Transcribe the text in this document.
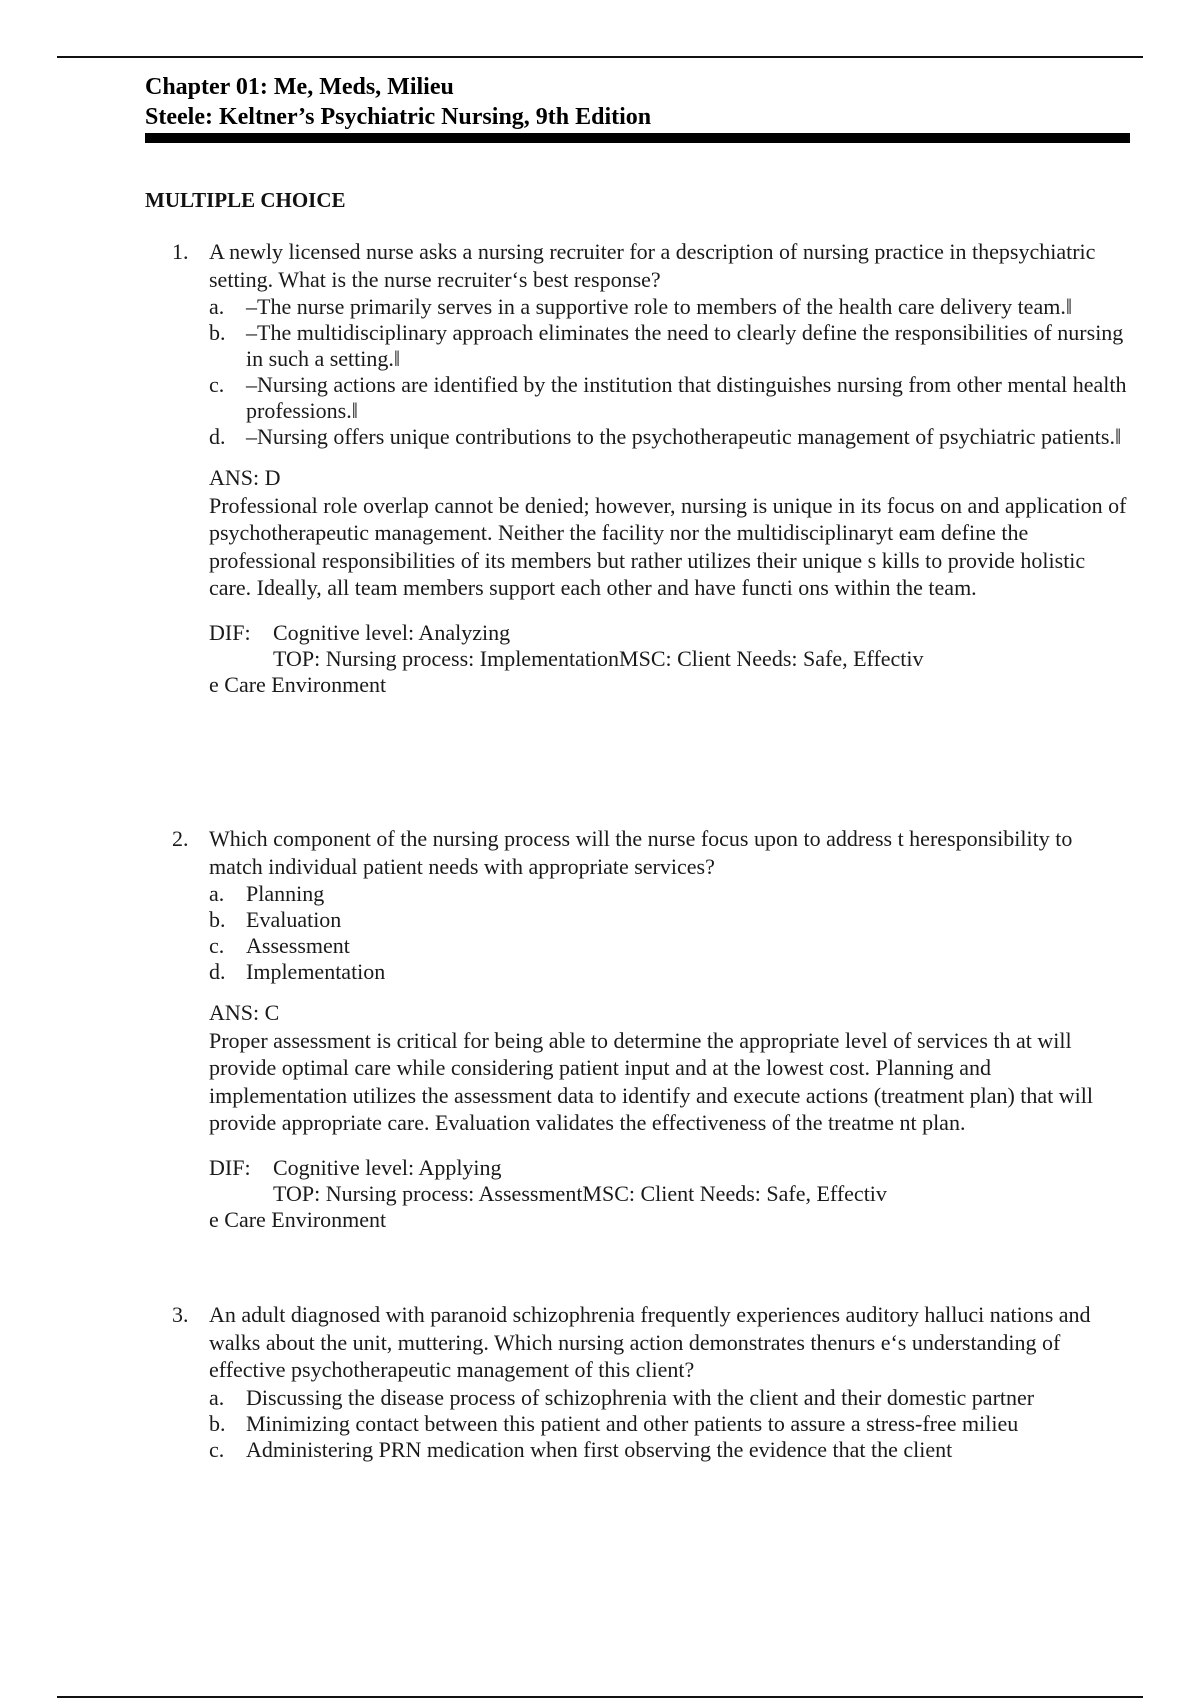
Chapter 01: Me, Meds, Milieu
Steele: Keltner’s Psychiatric Nursing, 9th Edition
MULTIPLE CHOICE
1. A newly licensed nurse asks a nursing recruiter for a description of nursing practice in thepsychiatric setting. What is the nurse recruiter‘s best response?
a. –The nurse primarily serves in a supportive role to members of the health care delivery team.‖
b. –The multidisciplinary approach eliminates the need to clearly define the responsibilities of nursing in such a setting.‖
c. –Nursing actions are identified by the institution that distinguishes nursing from other mental health professions.‖
d. –Nursing offers unique contributions to the psychotherapeutic management of psychiatric patients.‖
ANS: D
Professional role overlap cannot be denied; however, nursing is unique in its focus on and application of psychotherapeutic management. Neither the facility nor the multidisciplinaryt eam define the professional responsibilities of its members but rather utilizes their unique s kills to provide holistic care. Ideally, all team members support each other and have functi ons within the team.
DIF:	Cognitive level: Analyzing
TOP: Nursing process: ImplementationMSC: Client Needs: Safe, Effectiv
e Care Environment
2. Which component of the nursing process will the nurse focus upon to address t heresponsibility to match individual patient needs with appropriate services?
a. Planning
b. Evaluation
c. Assessment
d. Implementation
ANS: C
Proper assessment is critical for being able to determine the appropriate level of services th at will provide optimal care while considering patient input and at the lowest cost. Planning and implementation utilizes the assessment data to identify and execute actions (treatment plan) that will provide appropriate care. Evaluation validates the effectiveness of the treatme nt plan.
DIF:	Cognitive level: Applying
TOP: Nursing process: AssessmentMSC: Client Needs: Safe, Effectiv
e Care Environment
3. An adult diagnosed with paranoid schizophrenia frequently experiences auditory halluci nations and walks about the unit, muttering. Which nursing action demonstrates thenurs e‘s understanding of effective psychotherapeutic management of this client?
a. Discussing the disease process of schizophrenia with the client and their domestic partner
b. Minimizing contact between this patient and other patients to assure a stress-free milieu
c. Administering PRN medication when first observing the evidence that the client
